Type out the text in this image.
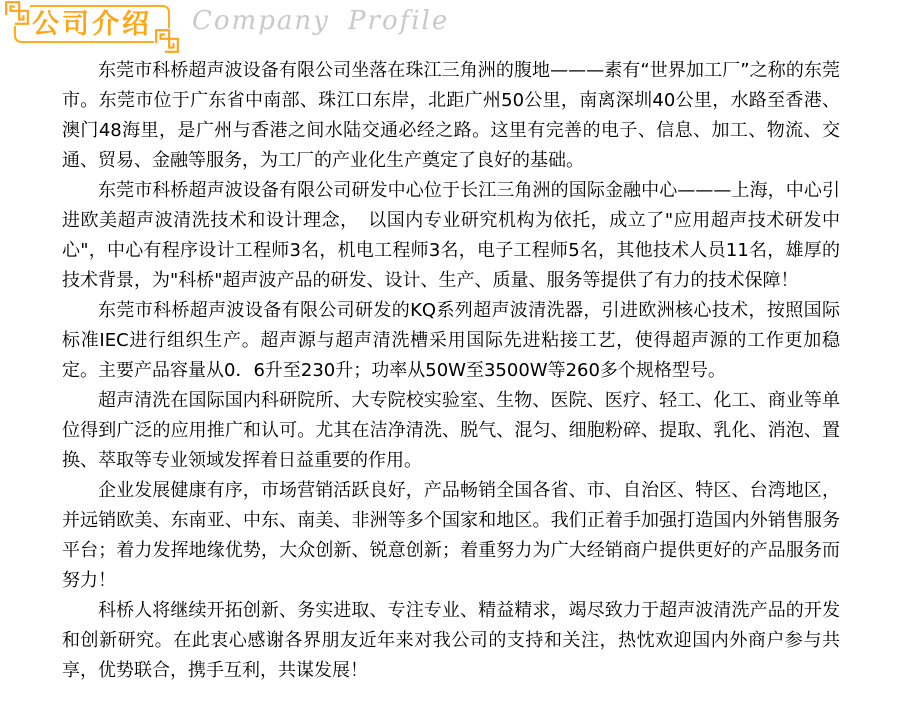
公司介绍 Company Profile

东莞市科桥超声波设备有限公司坐落在珠江三角洲的腹地———素有“世界加工厂”之称的东莞市。东莞市位于广东省中南部、珠江口东岸，北距广州50公里，南离深圳40公里，水路至香港、澳门48海里，是广州与香港之间水陆交通必经之路。这里有完善的电子、信息、加工、物流、交通、贸易、金融等服务，为工厂的产业化生产奠定了良好的基础。

东莞市科桥超声波设备有限公司研发中心位于长江三角洲的国际金融中心———上海，中心引进欧美超声波清洗技术和设计理念，　以国内专业研究机构为依托，成立了"应用超声技术研发中心"，中心有程序设计工程师3名，机电工程师3名，电子工程师5名，其他技术人员11名，雄厚的技术背景，为"科桥"超声波产品的研发、设计、生产、质量、服务等提供了有力的技术保障！

东莞市科桥超声波设备有限公司研发的KQ系列超声波清洗器，引进欧洲核心技术，按照国际标准IEC进行组织生产。超声源与超声清洗槽采用国际先进粘接工艺，使得超声源的工作更加稳定。主要产品容量从0．6升至230升；功率从50W至3500W等260多个规格型号。

超声清洗在国际国内科研院所、大专院校实验室、生物、医院、医疗、轻工、化工、商业等单位得到广泛的应用推广和认可。尤其在洁净清洗、脱气、混匀、细胞粉碎、提取、乳化、消泡、置换、萃取等专业领域发挥着日益重要的作用。

企业发展健康有序，市场营销活跃良好，产品畅销全国各省、市、自治区、特区、台湾地区，并远销欧美、东南亚、中东、南美、非洲等多个国家和地区。我们正着手加强打造国内外销售服务平台；着力发挥地缘优势，大众创新、锐意创新；着重努力为广大经销商户提供更好的产品服务而努力！

科桥人将继续开拓创新、务实进取、专注专业、精益精求，竭尽致力于超声波清洗产品的开发和创新研究。在此衷心感谢各界朋友近年来对我公司的支持和关注，热忱欢迎国内外商户参与共享，优势联合，携手互利，共谋发展！
